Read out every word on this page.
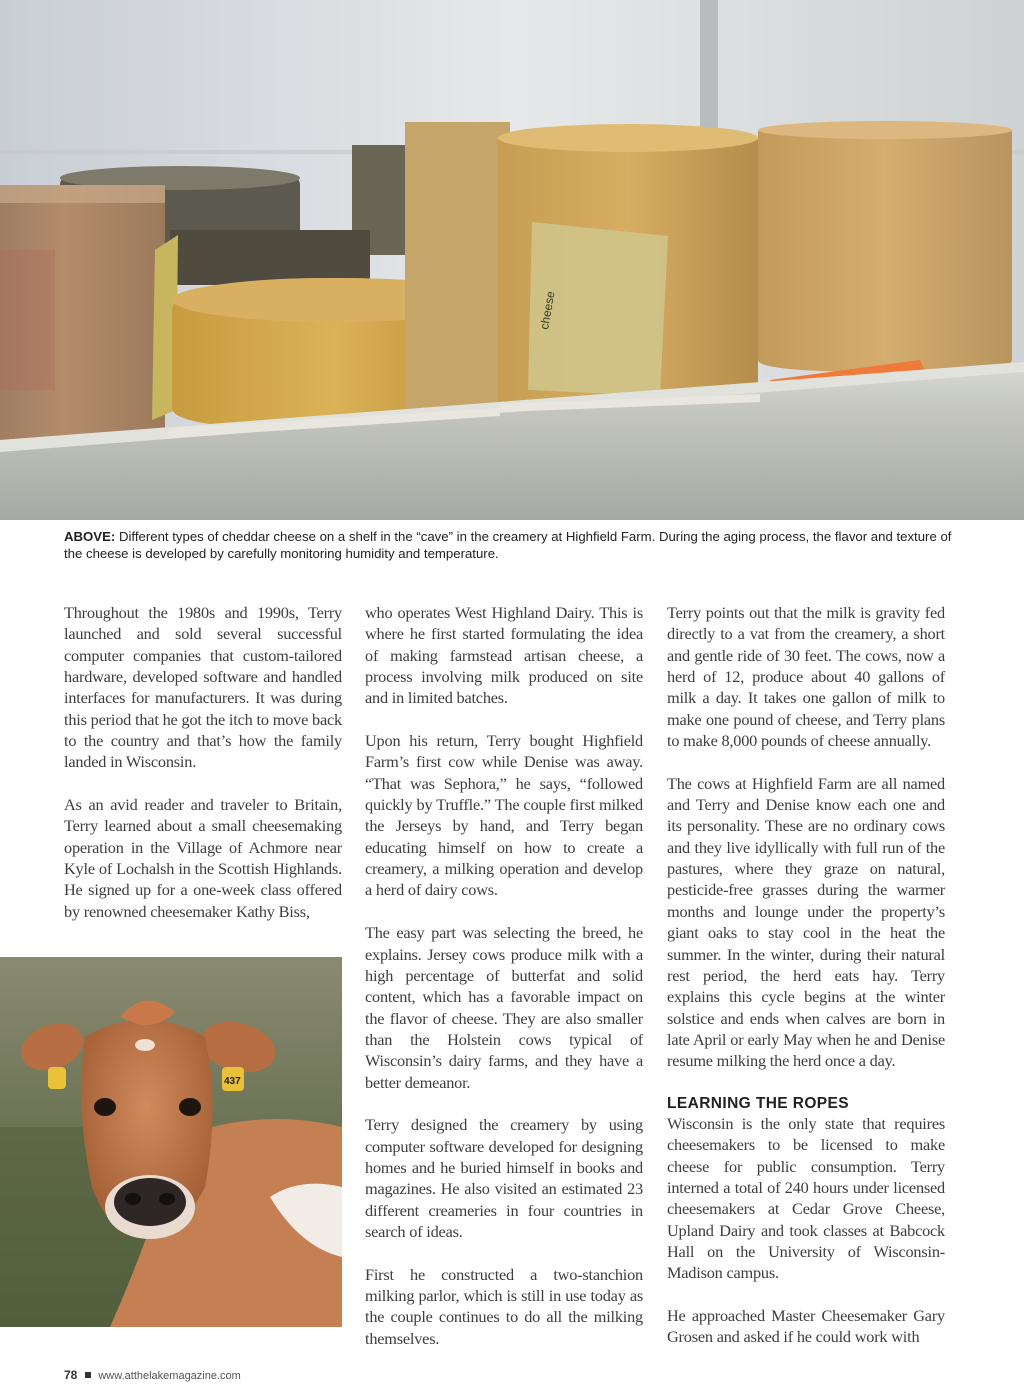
cheese
ABOVE: Different types of cheddar cheese on a shelf in the “cave” in the creamery at Highfield Farm. During the aging process, the flavor and texture of the cheese is developed by carefully monitoring humidity and temperature.

Throughout the 1980s and 1990s, Terry launched and sold several successful computer companies that custom-tailored hardware, developed software and handled interfaces for manufacturers. It was during this period that he got the itch to move back to the country and that’s how the family landed in Wisconsin.

As an avid reader and traveler to Britain, Terry learned about a small cheesemaking operation in the Village of Achmore near Kyle of Lochalsh in the Scottish Highlands. He signed up for a one-week class offered by renowned cheesemaker Kathy Biss,

437

who operates West Highland Dairy. This is where he first started formulating the idea of making farmstead artisan cheese, a process involving milk produced on site and in limited batches.

Upon his return, Terry bought Highfield Farm’s first cow while Denise was away. “That was Sephora,” he says, “followed quickly by Truffle.” The couple first milked the Jerseys by hand, and Terry began educating himself on how to create a creamery, a milking operation and develop a herd of dairy cows.

The easy part was selecting the breed, he explains. Jersey cows produce milk with a high percentage of butterfat and solid content, which has a favorable impact on the flavor of cheese. They are also smaller than the Holstein cows typical of Wisconsin’s dairy farms, and they have a better demeanor.

Terry designed the creamery by using computer software developed for designing homes and he buried himself in books and magazines. He also visited an estimated 23 different creameries in four countries in search of ideas.

First he constructed a two-stanchion milking parlor, which is still in use today as the couple continues to do all the milking themselves.

Terry points out that the milk is gravity fed directly to a vat from the creamery, a short and gentle ride of 30 feet. The cows, now a herd of 12, produce about 40 gallons of milk a day. It takes one gallon of milk to make one pound of cheese, and Terry plans to make 8,000 pounds of cheese annually.

The cows at Highfield Farm are all named and Terry and Denise know each one and its personality. These are no ordinary cows and they live idyllically with full run of the pastures, where they graze on natural, pesticide-free grasses during the warmer months and lounge under the property’s giant oaks to stay cool in the heat the summer. In the winter, during their natural rest period, the herd eats hay. Terry explains this cycle begins at the winter solstice and ends when calves are born in late April or early May when he and Denise resume milking the herd once a day.

LEARNING THE ROPES

Wisconsin is the only state that requires cheesemakers to be licensed to make cheese for public consumption. Terry interned a total of 240 hours under licensed cheesemakers at Cedar Grove Cheese, Upland Dairy and took classes at Babcock Hall on the University of Wisconsin-Madison campus.

He approached Master Cheesemaker Gary Grosen and asked if he could work with

78 www.atthelakemagazine.com
